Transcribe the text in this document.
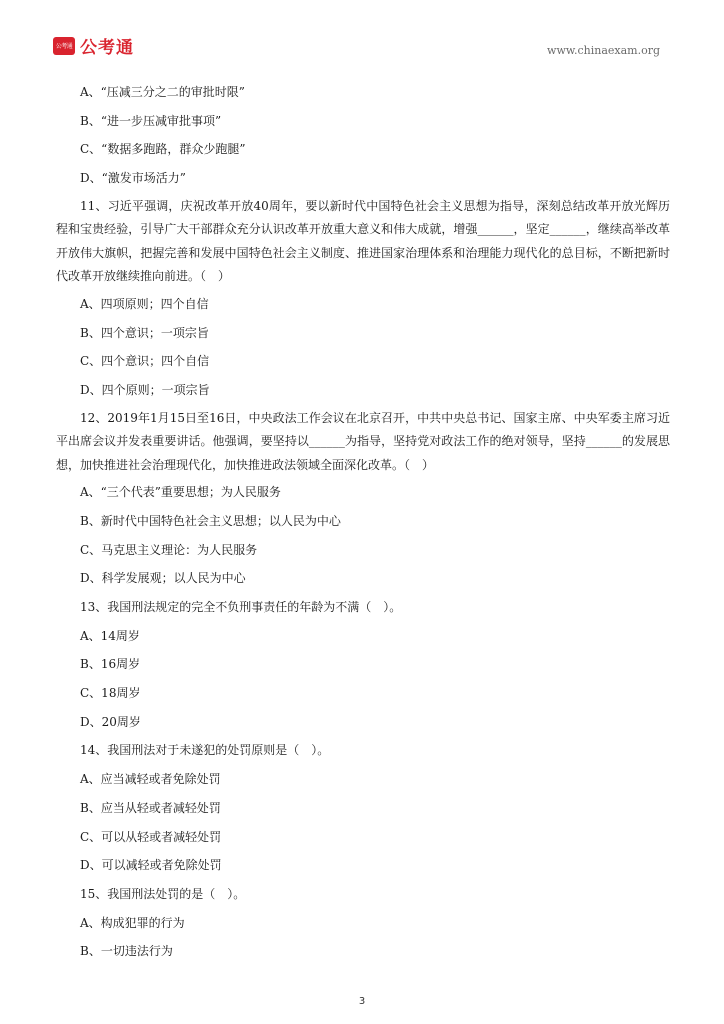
公考通 公考通	www.chinaexam.org
A、“压减三分之二的审批时限”
B、“进一步压减审批事项”
C、“数据多跑路，群众少跑腿”
D、“激发市场活力”
11、习近平强调，庆祝改革开放40周年，要以新时代中国特色社会主义思想为指导，深刻总结改革开放光辉历程和宝贵经验，引导广大干部群众充分认识改革开放重大意义和伟大成就，增强______，坚定______，继续高举改革开放伟大旗帜，把握完善和发展中国特色社会主义制度、推进国家治理体系和治理能力现代化的总目标，不断把新时代改革开放继续推向前进。（　）
A、四项原则；四个自信
B、四个意识；一项宗旨
C、四个意识；四个自信
D、四个原则；一项宗旨
12、2019年1月15日至16日，中央政法工作会议在北京召开，中共中央总书记、国家主席、中央军委主席习近平出席会议并发表重要讲话。他强调，要坚持以______为指导，坚持党对政法工作的绝对领导，坚持______的发展思想，加快推进社会治理现代化，加快推进政法领域全面深化改革。（　）
A、“三个代表”重要思想；为人民服务
B、新时代中国特色社会主义思想；以人民为中心
C、马克思主义理论：为人民服务
D、科学发展观；以人民为中心
13、我国刑法规定的完全不负刑事责任的年龄为不满（　）。
A、14周岁
B、16周岁
C、18周岁
D、20周岁
14、我国刑法对于未遂犯的处罚原则是（　）。
A、应当减轻或者免除处罚
B、应当从轻或者减轻处罚
C、可以从轻或者减轻处罚
D、可以减轻或者免除处罚
15、我国刑法处罚的是（　）。
A、构成犯罪的行为
B、一切违法行为
3
